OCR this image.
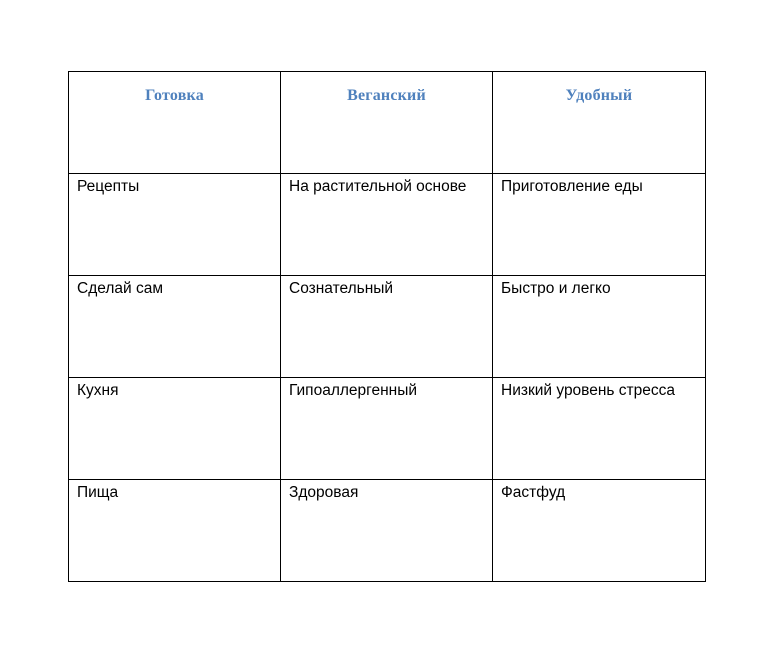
Готовка	Веганский	Удобный

Рецепты	На растительной основе	Приготовление еды

Сделай сам	Сознательный	Быстро и легко

Кухня	Гипоаллергенный	Низкий уровень стресса

Пища	Здоровая	Фастфуд
